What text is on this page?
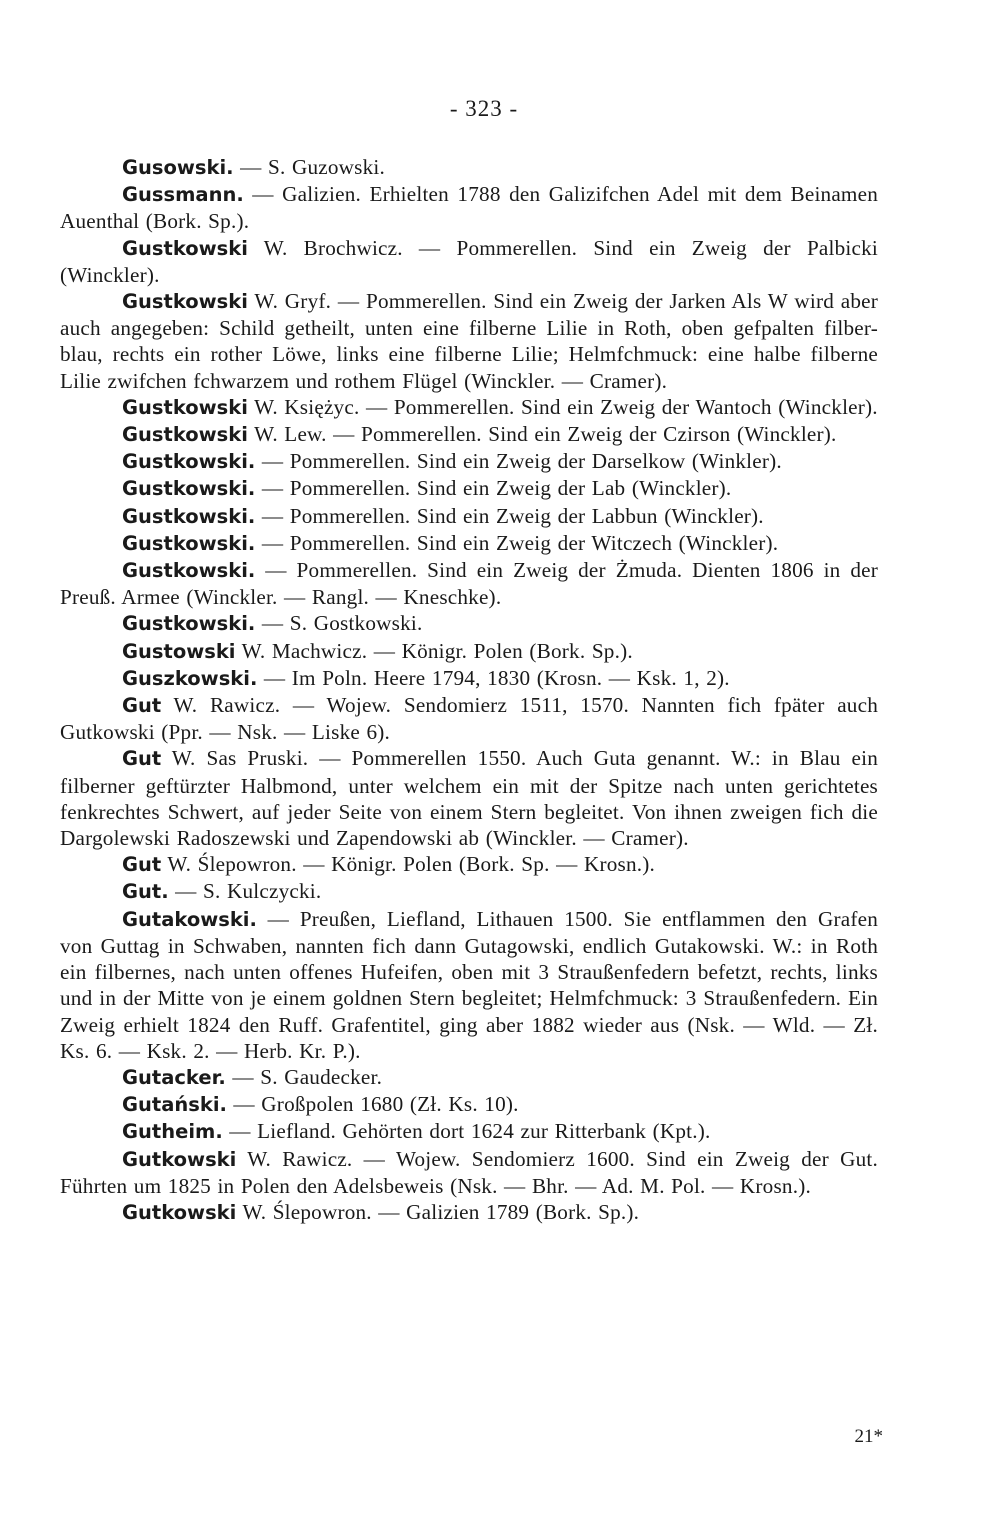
- 323 -

Gusowski. — S. Guzowski.

Gussmann. — Galizien. Erhielten 1788 den Galizifchen Adel mit dem Beinamen Auenthal (Bork. Sp.).

Gustkowski W. Brochwicz. — Pommerellen. Sind ein Zweig der Palbicki (Winckler).

Gustkowski W. Gryf. — Pommerellen. Sind ein Zweig der Jarken Als W wird aber auch angegeben: Schild getheilt, unten eine filberne Lilie in Roth, oben gefpalten filber-blau, rechts ein rother Löwe, links eine filberne Lilie; Helmfchmuck: eine halbe filberne Lilie zwifchen fchwarzem und rothem Flügel (Winckler. — Cramer).

Gustkowski W. Księżyc. — Pommerellen. Sind ein Zweig der Wantoch (Winckler).

Gustkowski W. Lew. — Pommerellen. Sind ein Zweig der Czirson (Winckler).

Gustkowski. — Pommerellen. Sind ein Zweig der Darselkow (Winkler).

Gustkowski. — Pommerellen. Sind ein Zweig der Lab (Winckler).

Gustkowski. — Pommerellen. Sind ein Zweig der Labbun (Winckler).

Gustkowski. — Pommerellen. Sind ein Zweig der Witczech (Winckler).

Gustkowski. — Pommerellen. Sind ein Zweig der Żmuda. Dienten 1806 in der Preuß. Armee (Winckler. — Rangl. — Kneschke).

Gustkowski. — S. Gostkowski.

Gustowski W. Machwicz. — Königr. Polen (Bork. Sp.).

Guszkowski. — Im Poln. Heere 1794, 1830 (Krosn. — Ksk. 1, 2).

Gut W. Rawicz. — Wojew. Sendomierz 1511, 1570. Nannten fich fpäter auch Gutkowski (Ppr. — Nsk. — Liske 6).

Gut W. Sas Pruski. — Pommerellen 1550. Auch Guta genannt. W.: in Blau ein filberner geftürzter Halbmond, unter welchem ein mit der Spitze nach unten gerichtetes fenkrechtes Schwert, auf jeder Seite von einem Stern begleitet. Von ihnen zweigen fich die Dargolewski Radoszewski und Zapendowski ab (Winckler. — Cramer).

Gut W. Ślepowron. — Königr. Polen (Bork. Sp. — Krosn.).

Gut. — S. Kulczycki.

Gutakowski. — Preußen, Liefland, Lithauen 1500. Sie entflammen den Grafen von Guttag in Schwaben, nannten fich dann Gutagowski, endlich Gutakowski. W.: in Roth ein filbernes, nach unten offenes Hufeifen, oben mit 3 Straußenfedern befetzt, rechts, links und in der Mitte von je einem goldnen Stern begleitet; Helmfchmuck: 3 Straußenfedern. Ein Zweig erhielt 1824 den Ruff. Grafentitel, ging aber 1882 wieder aus (Nsk. — Wld. — Zł. Ks. 6. — Ksk. 2. — Herb. Kr. P.).

Gutacker. — S. Gaudecker.

Gutański. — Großpolen 1680 (Zł. Ks. 10).

Gutheim. — Liefland. Gehörten dort 1624 zur Ritterbank (Kpt.).

Gutkowski W. Rawicz. — Wojew. Sendomierz 1600. Sind ein Zweig der Gut. Führten um 1825 in Polen den Adelsbeweis (Nsk. — Bhr. — Ad. M. Pol. — Krosn.).

Gutkowski W. Ślepowron. — Galizien 1789 (Bork. Sp.).

21*
